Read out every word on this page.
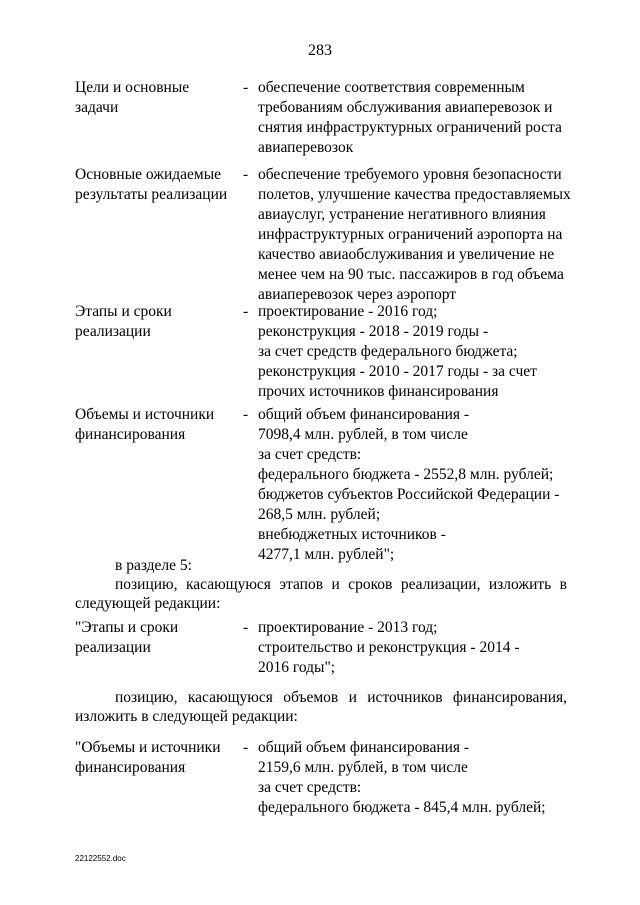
283
Цели и основные
задачи
- обеспечение соответствия современным
требованиям обслуживания авиаперевозок и
снятия инфраструктурных ограничений роста
авиаперевозок
Основные ожидаемые
результаты реализации
- обеспечение требуемого уровня безопасности
полетов, улучшение качества предоставляемых
авиауслуг, устранение негативного влияния
инфраструктурных ограничений аэропорта на
качество авиаобслуживания и увеличение не
менее чем на 90 тыс. пассажиров в год объема
авиаперевозок через аэропорт
Этапы и сроки
реализации
- проектирование - 2016 год;
реконструкция - 2018 - 2019 годы -
за счет средств федерального бюджета;
реконструкция - 2010 - 2017 годы - за счет
прочих источников финансирования
Объемы и источники
финансирования
- общий объем финансирования -
7098,4 млн. рублей, в том числе
за счет средств:
федерального бюджета - 2552,8 млн. рублей;
бюджетов субъектов Российской Федерации -
268,5 млн. рублей;
внебюджетных источников -
4277,1 млн. рублей";
в разделе 5:
позицию, касающуюся этапов и сроков реализации, изложить в
следующей редакции:
"Этапы и сроки
реализации
- проектирование - 2013 год;
строительство и реконструкция - 2014 -
2016 годы";
позицию, касающуюся объемов и источников финансирования,
изложить в следующей редакции:
"Объемы и источники
финансирования
- общий объем финансирования -
2159,6 млн. рублей, в том числе
за счет средств:
федерального бюджета - 845,4 млн. рублей;
22122552.doc
